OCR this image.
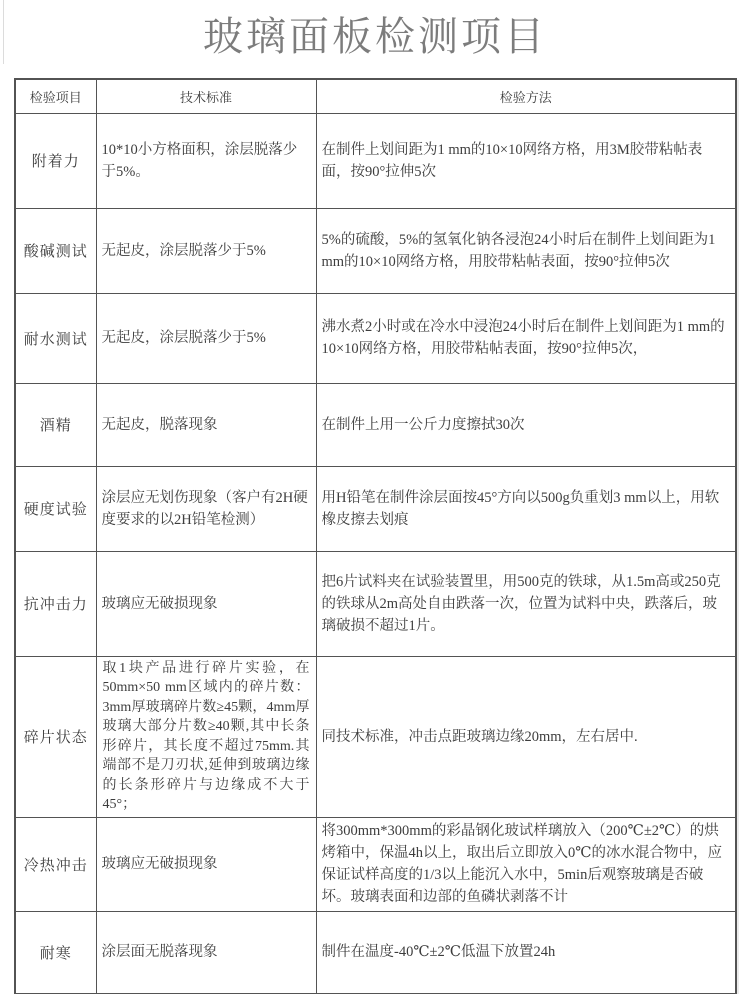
玻璃面板检测项目
检验项目	技术标准	检验方法
附着力	10*10小方格面积，涂层脱落少于5%。	在制件上划间距为1 mm的10×10网络方格，用3M胶带粘帖表面，按90°拉伸5次
酸碱测试	无起皮，涂层脱落少于5%	5%的硫酸，5%的氢氧化钠各浸泡24小时后在制件上划间距为1 mm的10×10网络方格，用胶带粘帖表面，按90°拉伸5次
耐水测试	无起皮，涂层脱落少于5%	沸水煮2小时或在冷水中浸泡24小时后在制件上划间距为1 mm的10×10网络方格，用胶带粘帖表面，按90°拉伸5次，
酒精	无起皮，脱落现象	在制件上用一公斤力度擦拭30次
硬度试验	涂层应无划伤现象（客户有2H硬度要求的以2H铅笔检测）	用H铅笔在制件涂层面按45°方向以500g负重划3 mm以上，用软橡皮擦去划痕
抗冲击力	玻璃应无破损现象	把6片试料夹在试验装置里，用500克的铁球，从1.5m高或250克的铁球从2m高处自由跌落一次，位置为试料中央，跌落后，玻璃破损不超过1片。
碎片状态	取1块产品进行碎片实验，在50mm×50 mm区域内的碎片数：3mm厚玻璃碎片数≥45颗，4mm厚玻璃大部分片数≥40颗,其中长条形碎片，其长度不超过75mm.其端部不是刀刃状,延伸到玻璃边缘的长条形碎片与边缘成不大于45°；	同技术标准，冲击点距玻璃边缘20mm，左右居中.
冷热冲击	玻璃应无破损现象	将300mm*300mm的彩晶钢化玻试样璃放入（200℃±2℃）的烘烤箱中，保温4h以上，取出后立即放入0℃的冰水混合物中，应保证试样高度的1/3以上能沉入水中，5min后观察玻璃是否破坏。玻璃表面和边部的鱼磷状剥落不计
耐寒	涂层面无脱落现象	制件在温度-40℃±2℃低温下放置24h
